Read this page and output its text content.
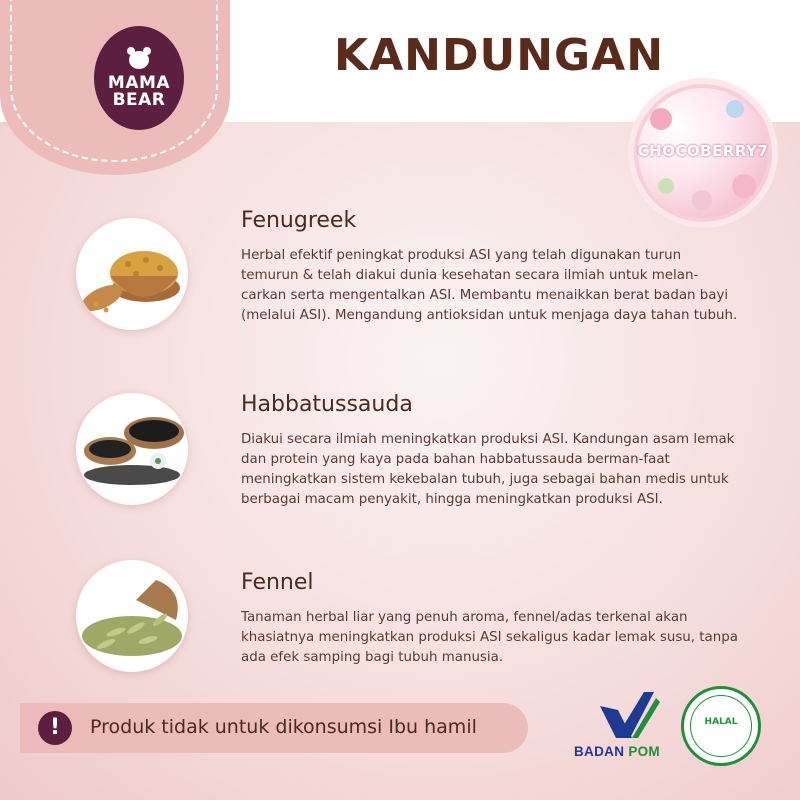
MAMA
BEAR
KANDUNGAN
CHOCOBERRY7
Fenugreek

Herbal efektif peningkat produksi ASI yang telah digunakan turun temurun & telah diakui dunia kesehatan secara ilmiah untuk melan-carkan serta mengentalkan ASI. Membantu menaikkan berat badan bayi (melalui ASI). Mengandung antioksidan untuk menjaga daya tahan tubuh.

Habbatussauda

Diakui secara ilmiah meningkatkan produksi ASI. Kandungan asam lemak dan protein yang kaya pada bahan habbatussauda berman-faat meningkatkan sistem kekebalan tubuh, juga sebagai bahan medis untuk berbagai macam penyakit, hingga meningkatkan produksi ASI.

Fennel

Tanaman herbal liar yang penuh aroma, fennel/adas terkenal akan khasiatnya meningkatkan produksi ASI sekaligus kadar lemak susu, tanpa ada efek samping bagi tubuh manusia.

!	Produk tidak untuk dikonsumsi Ibu hamil
BADAN POM
HALAL
